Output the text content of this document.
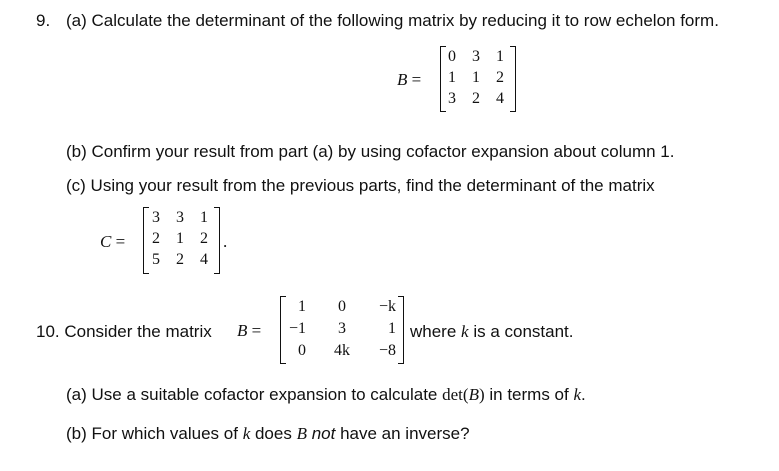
9. (a) Calculate the determinant of the following matrix by reducing it to row echelon form.
B =
0 3 1
1 1 2
3 2 4
(b) Confirm your result from part (a) by using cofactor expansion about column 1.
(c) Using your result from the previous parts, find the determinant of the matrix
C =
3 3 1
2 1 2
5 2 4
.
10. Consider the matrix B =
1	0	−k
−1	3	1
0	4k	−8
where k is a constant.
(a) Use a suitable cofactor expansion to calculate det(B) in terms of k.
(b) For which values of k does B not have an inverse?
